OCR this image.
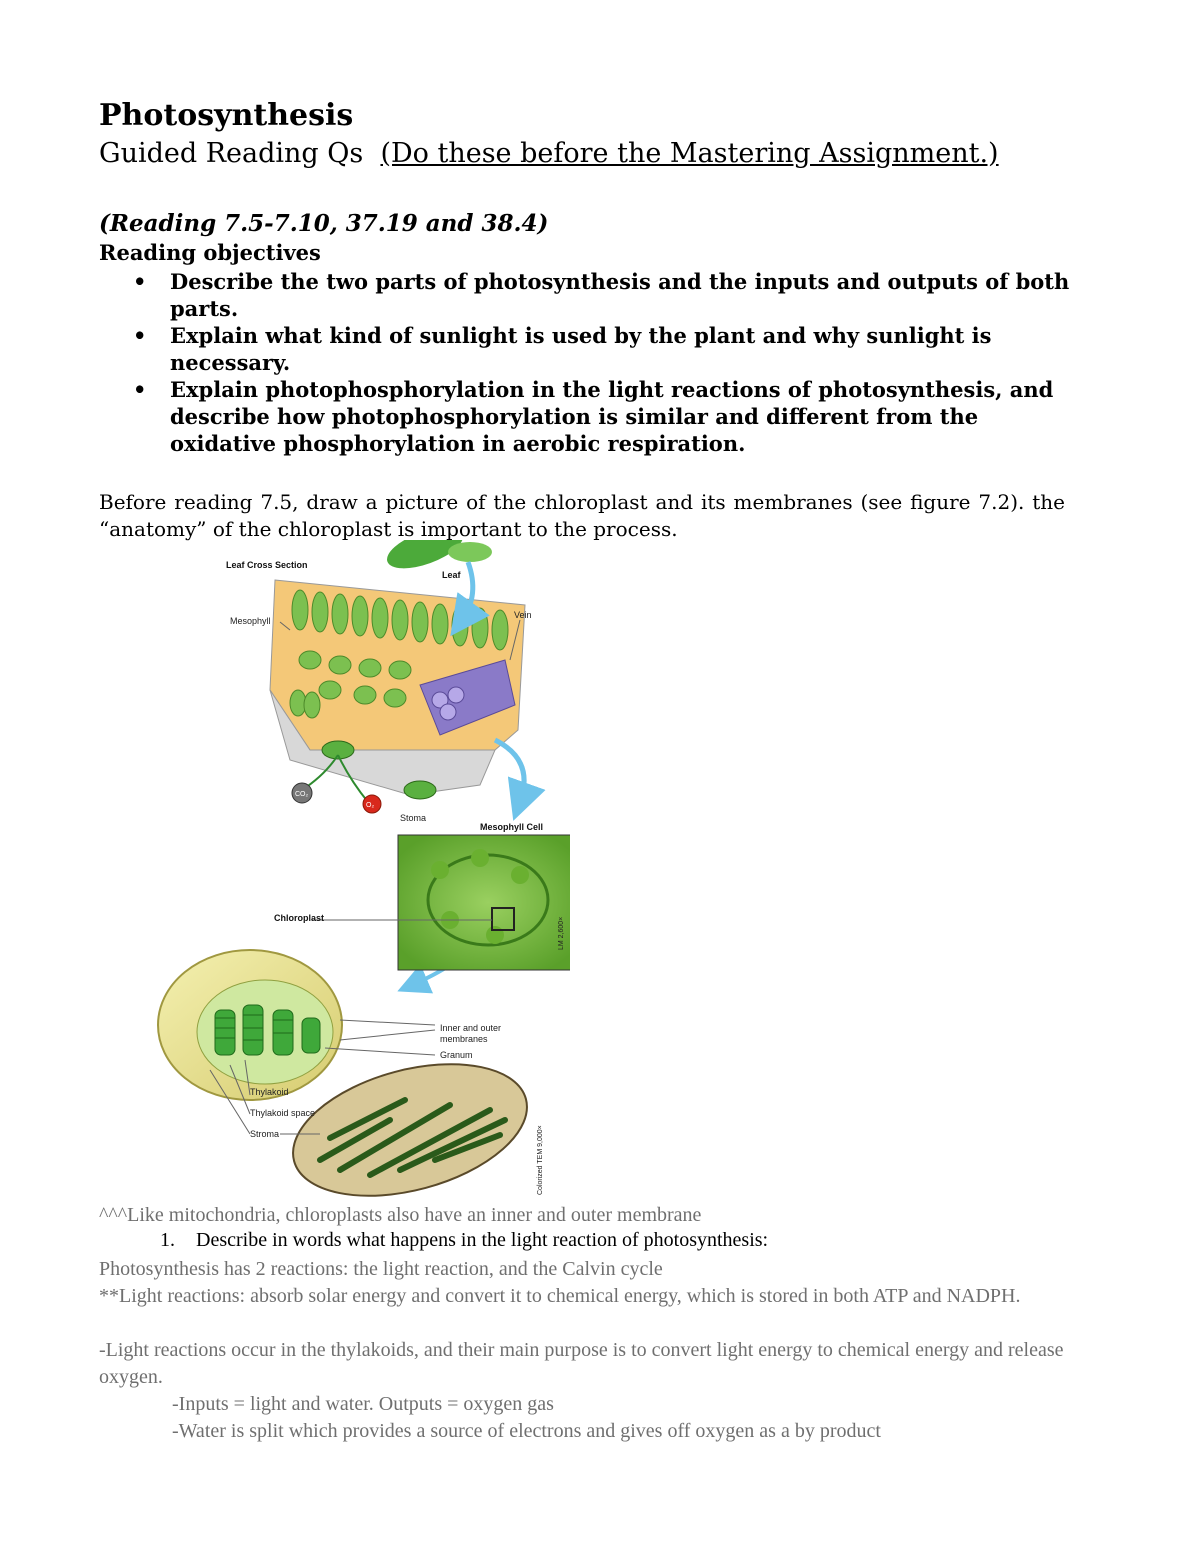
Photosynthesis
Guided Reading Qs (Do these before the Mastering Assignment.)
(Reading 7.5-7.10, 37.19 and 38.4)
Reading objectives
• Describe the two parts of photosynthesis and the inputs and outputs of both parts.
• Explain what kind of sunlight is used by the plant and why sunlight is necessary.
• Explain photophosphorylation in the light reactions of photosynthesis, and describe how photophosphorylation is similar and different from the oxidative phosphorylation in aerobic respiration.
Before reading 7.5, draw a picture of the chloroplast and its membranes (see figure 7.2). the “anatomy” of the chloroplast is important to the process.
Leaf Cross Section
Leaf
Vein
Mesophyll
CO₂
O₂
Stoma
Mesophyll Cell
LM 2,600×
Chloroplast
Inner and outer
membranes
Granum
Thylakoid
Thylakoid space
Stroma	Colorized TEM 9,000×
^^^Like mitochondria, chloroplasts also have an inner and outer membrane
1. Describe in words what happens in the light reaction of photosynthesis:
Photosynthesis has 2 reactions: the light reaction, and the Calvin cycle
**Light reactions: absorb solar energy and convert it to chemical energy, which is stored in both ATP and NADPH.
-Light reactions occur in the thylakoids, and their main purpose is to convert light energy to chemical energy and release oxygen.
-Inputs = light and water. Outputs = oxygen gas
-Water is split which provides a source of electrons and gives off oxygen as a by product
